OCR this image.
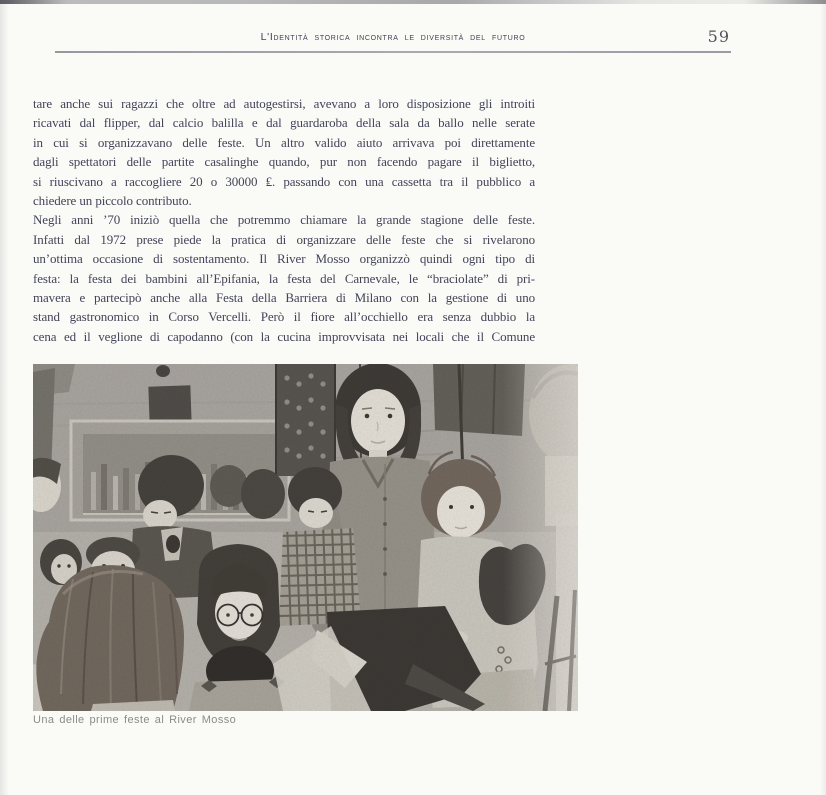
L'Identità storica incontra le diversità del futuro	59
tare anche sui ragazzi che oltre ad autogestirsi, avevano a loro disposizione gli introiti
ricavati dal flipper, dal calcio balilla e dal guardaroba della sala da ballo nelle serate
in cui si organizzavano delle feste. Un altro valido aiuto arrivava poi direttamente
dagli spettatori delle partite casalinghe quando, pur non facendo pagare il biglietto,
si riuscivano a raccogliere 20 o 30000 ₤. passando con una cassetta tra il pubblico a
chiedere un piccolo contributo.
Negli anni ’70 iniziò quella che potremmo chiamare la grande stagione delle feste.
Infatti dal 1972 prese piede la pratica di organizzare delle feste che si rivelarono
un’ottima occasione di sostentamento. Il River Mosso organizzò quindi ogni tipo di
festa: la festa dei bambini all’Epifania, la festa del Carnevale, le “braciolate” di pri-
mavera e partecipò anche alla Festa della Barriera di Milano con la gestione di uno
stand gastronomico in Corso Vercelli. Però il fiore all’occhiello era senza dubbio la
cena ed il veglione di capodanno (con la cucina improvvisata nei locali che il Comune
Una delle prime feste al River Mosso
